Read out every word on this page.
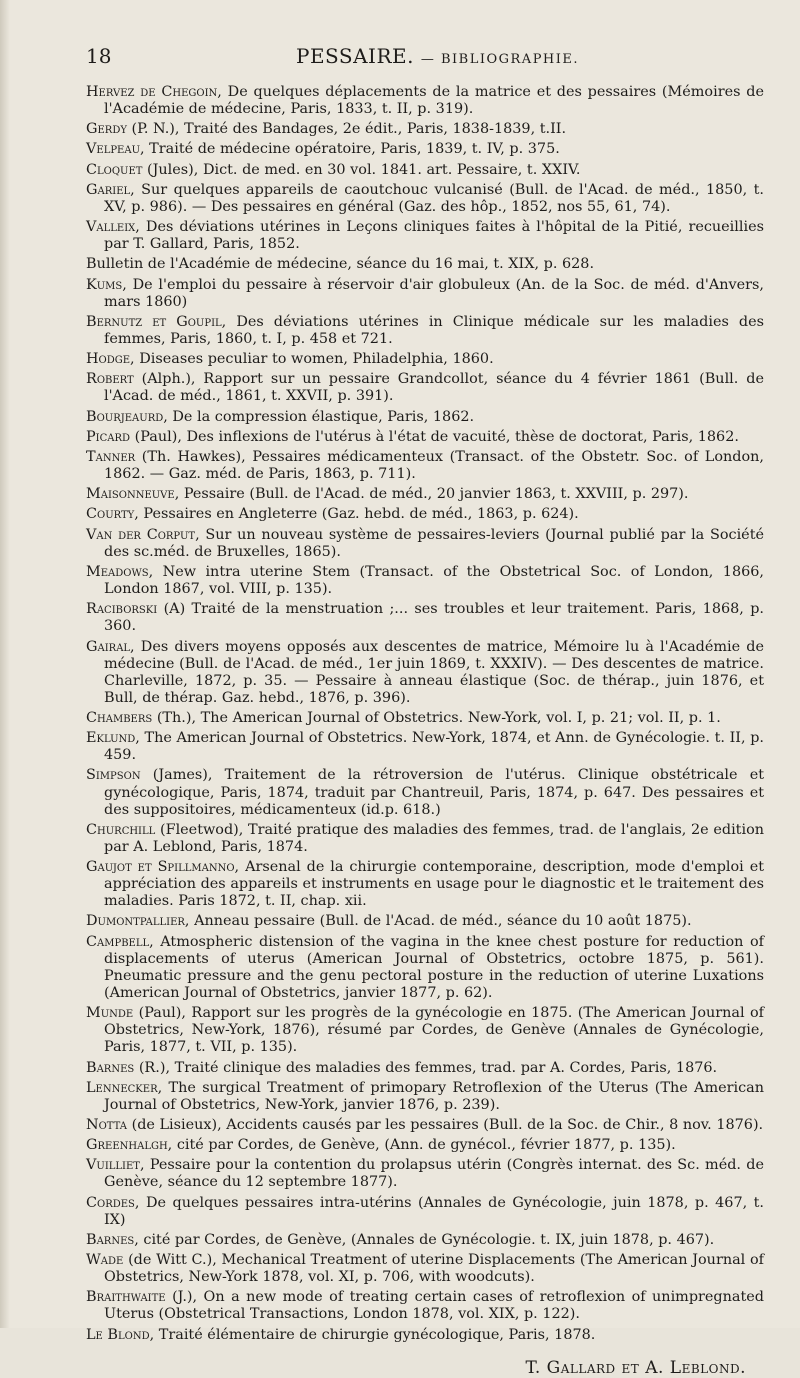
18	PESSAIRE. — BIBLIOGRAPHIE.

Hervez de Chegoin, De quelques déplacements de la matrice et des pessaires (Mémoires de l'Académie de médecine, Paris, 1833, t. II, p. 319).

Gerdy (P. N.), Traité des Bandages, 2e édit., Paris, 1838-1839, t.II.

Velpeau, Traité de médecine opératoire, Paris, 1839, t. IV, p. 375.

Cloquet (Jules), Dict. de med. en 30 vol. 1841. art. Pessaire, t. XXIV.

Gariel, Sur quelques appareils de caoutchouc vulcanisé (Bull. de l'Acad. de méd., 1850, t. XV, p. 986). — Des pessaires en général (Gaz. des hôp., 1852, nos 55, 61, 74).

Valleix, Des déviations utérines in Leçons cliniques faites à l'hôpital de la Pitié, recueillies par T. Gallard, Paris, 1852.

Bulletin de l'Académie de médecine, séance du 16 mai, t. XIX, p. 628.

Kums, De l'emploi du pessaire à réservoir d'air globuleux (An. de la Soc. de méd. d'Anvers, mars 1860)

Bernutz et Goupil, Des déviations utérines in Clinique médicale sur les maladies des femmes, Paris, 1860, t. I, p. 458 et 721.

Hodge, Diseases peculiar to women, Philadelphia, 1860.

Robert (Alph.), Rapport sur un pessaire Grandcollot, séance du 4 février 1861 (Bull. de l'Acad. de méd., 1861, t. XXVII, p. 391).

Bourjeaurd, De la compression élastique, Paris, 1862.

Picard (Paul), Des inflexions de l'utérus à l'état de vacuité, thèse de doctorat, Paris, 1862.

Tanner (Th. Hawkes), Pessaires médicamenteux (Transact. of the Obstetr. Soc. of London, 1862. — Gaz. méd. de Paris, 1863, p. 711).

Maisonneuve, Pessaire (Bull. de l'Acad. de méd., 20 janvier 1863, t. XXVIII, p. 297).

Courty, Pessaires en Angleterre (Gaz. hebd. de méd., 1863, p. 624).

Van der Corput, Sur un nouveau système de pessaires-leviers (Journal publié par la Société des sc.méd. de Bruxelles, 1865).

Meadows, New intra uterine Stem (Transact. of the Obstetrical Soc. of London, 1866, London 1867, vol. VIII, p. 135).

Raciborski (A) Traité de la menstruation ;... ses troubles et leur traitement. Paris, 1868, p. 360.

Gairal, Des divers moyens opposés aux descentes de matrice, Mémoire lu à l'Académie de médecine (Bull. de l'Acad. de méd., 1er juin 1869, t. XXXIV). — Des descentes de matrice. Charleville, 1872, p. 35. — Pessaire à anneau élastique (Soc. de thérap., juin 1876, et Bull, de thérap. Gaz. hebd., 1876, p. 396).

Chambers (Th.), The American Journal of Obstetrics. New-York, vol. I, p. 21; vol. II, p. 1.

Eklund, The American Journal of Obstetrics. New-York, 1874, et Ann. de Gynécologie. t. II, p. 459.

Simpson (James), Traitement de la rétroversion de l'utérus. Clinique obstétricale et gynécologique, Paris, 1874, traduit par Chantreuil, Paris, 1874, p. 647. Des pessaires et des suppositoires, médicamenteux (id.p. 618.)

Churchill (Fleetwod), Traité pratique des maladies des femmes, trad. de l'anglais, 2e edition par A. Leblond, Paris, 1874.

Gaujot et Spillmanno, Arsenal de la chirurgie contemporaine, description, mode d'emploi et appréciation des appareils et instruments en usage pour le diagnostic et le traitement des maladies. Paris 1872, t. II, chap. xii.

Dumontpallier, Anneau pessaire (Bull. de l'Acad. de méd., séance du 10 août 1875).

Campbell, Atmospheric distension of the vagina in the knee chest posture for reduction of displacements of uterus (American Journal of Obstetrics, octobre 1875, p. 561). Pneumatic pressure and the genu pectoral posture in the reduction of uterine Luxations (American Journal of Obstetrics, janvier 1877, p. 62).

Munde (Paul), Rapport sur les progrès de la gynécologie en 1875. (The American Journal of Obstetrics, New-York, 1876), résumé par Cordes, de Genève (Annales de Gynécologie, Paris, 1877, t. VII, p. 135).

Barnes (R.), Traité clinique des maladies des femmes, trad. par A. Cordes, Paris, 1876.

Lennecker, The surgical Treatment of primopary Retroflexion of the Uterus (The American Journal of Obstetrics, New-York, janvier 1876, p. 239).

Notta (de Lisieux), Accidents causés par les pessaires (Bull. de la Soc. de Chir., 8 nov. 1876).

Greenhalgh, cité par Cordes, de Genève, (Ann. de gynécol., février 1877, p. 135).

Vuilliet, Pessaire pour la contention du prolapsus utérin (Congrès internat. des Sc. méd. de Genève, séance du 12 septembre 1877).

Cordes, De quelques pessaires intra-utérins (Annales de Gynécologie, juin 1878, p. 467, t. IX)

Barnes, cité par Cordes, de Genève, (Annales de Gynécologie. t. IX, juin 1878, p. 467).

Wade (de Witt C.), Mechanical Treatment of uterine Displacements (The American Journal of Obstetrics, New-York 1878, vol. XI, p. 706, with woodcuts).

Braithwaite (J.), On a new mode of treating certain cases of retroflexion of unimpregnated Uterus (Obstetrical Transactions, London 1878, vol. XIX, p. 122).

Le Blond, Traité élémentaire de chirurgie gynécologique, Paris, 1878.

T. Gallard et A. Leblond.
